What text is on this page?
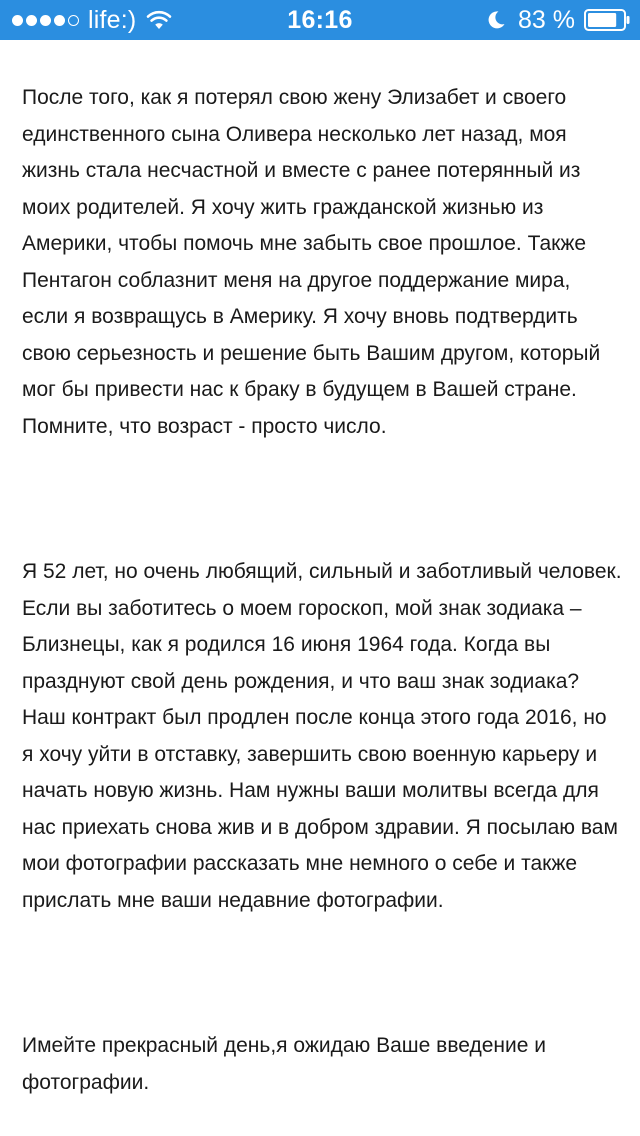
life:)	16:16	83 %

После того, как я потерял свою жену Элизабет и своего единственного сына Оливера несколько лет назад, моя жизнь стала несчастной и вместе с ранее потерянный из моих родителей. Я хочу жить гражданской жизнью из Америки, чтобы помочь мне забыть свое прошлое. Также Пентагон соблазнит меня на другое поддержание мира, если я возвращусь в Америку. Я хочу вновь подтвердить свою серьезность и решение быть Вашим другом, который мог бы привести нас к браку в будущем в Вашей стране. Помните, что возраст - просто число.

Я 52 лет, но очень любящий, сильный и заботливый человек. Если вы заботитесь о моем гороскоп, мой знак зодиака – Близнецы, как я родился 16 июня 1964 года. Когда вы празднуют свой день рождения, и что ваш знак зодиака? Наш контракт был продлен после конца этого года 2016, но я хочу уйти в отставку, завершить свою военную карьеру и начать новую жизнь. Нам нужны ваши молитвы всегда для нас приехать снова жив и в добром здравии. Я посылаю вам мои фотографии рассказать мне немного о себе и также прислать мне ваши недавние фотографии.

Имейте прекрасный день,я ожидаю Ваше введение и фотографии.
